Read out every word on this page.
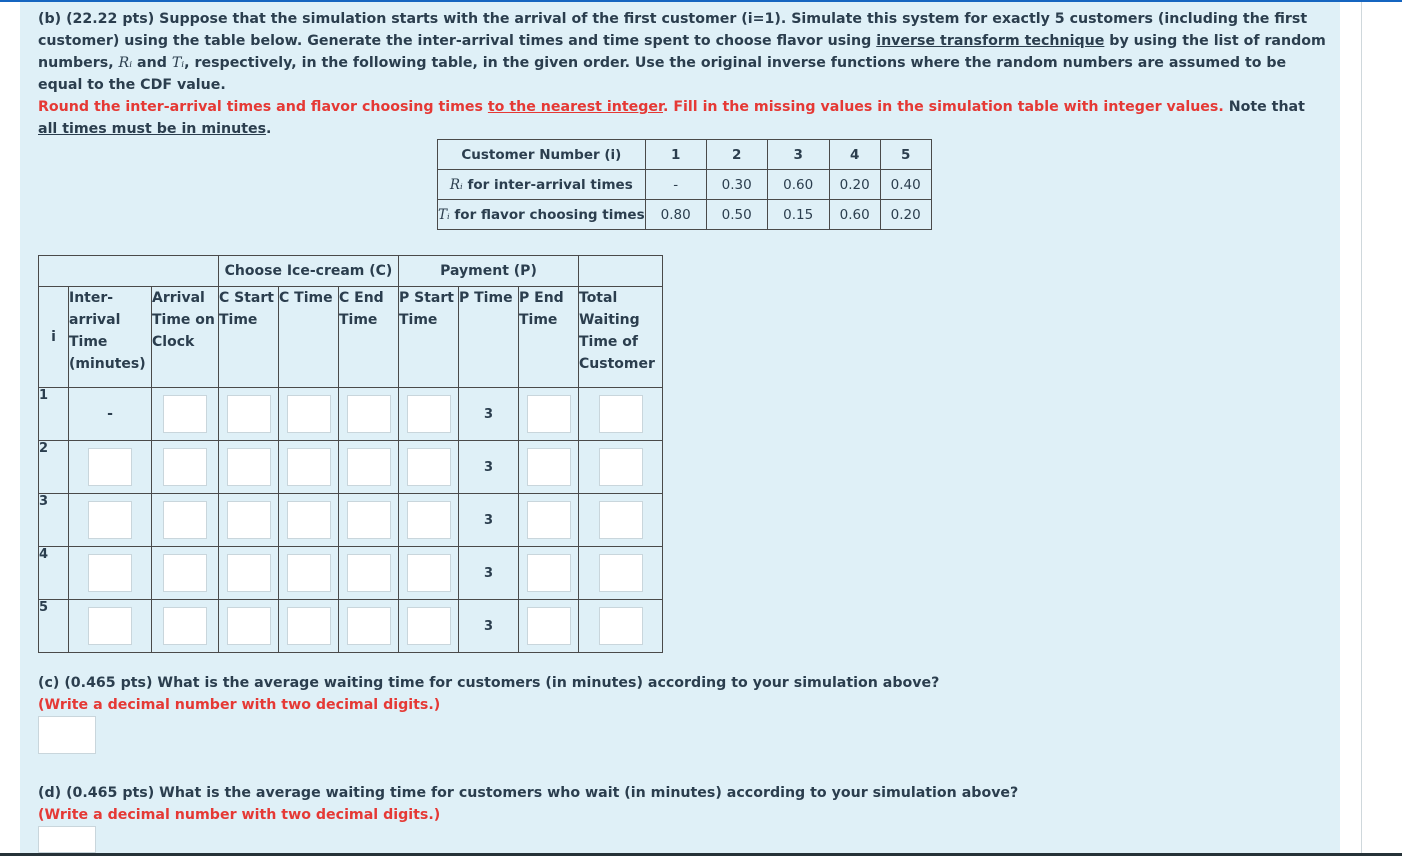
(b) (22.22 pts) Suppose that the simulation starts with the arrival of the first customer (i=1). Simulate this system for exactly 5 customers (including the first customer) using the table below. Generate the inter-arrival times and time spent to choose flavor using inverse transform technique by using the list of random numbers, Rᵢ and Tᵢ, respectively, in the following table, in the given order. Use the original inverse functions where the random numbers are assumed to be equal to the CDF value.
Round the inter-arrival times and flavor choosing times to the nearest integer. Fill in the missing values in the simulation table with integer values. Note that all times must be in minutes.
Customer Number (i)	1	2	3	4	5
Rᵢ for inter-arrival times	-	0.30	0.60	0.20	0.40
Tᵢ for flavor choosing times	0.80	0.50	0.15	0.60	0.20
			Choose Ice-cream (C)			Payment (P)			
i	Inter-arrival Time (minutes)	Arrival Time on Clock	C Start Time	C Time	C End Time	P Start Time	P Time	P End Time	Total Waiting Time of Customer
1	-						3		

2							3		

3							3		

4							3		

5							3		

(c) (0.465 pts) What is the average waiting time for customers (in minutes) according to your simulation above?
(Write a decimal number with two decimal digits.)
(d) (0.465 pts) What is the average waiting time for customers who wait (in minutes) according to your simulation above?
(Write a decimal number with two decimal digits.)
